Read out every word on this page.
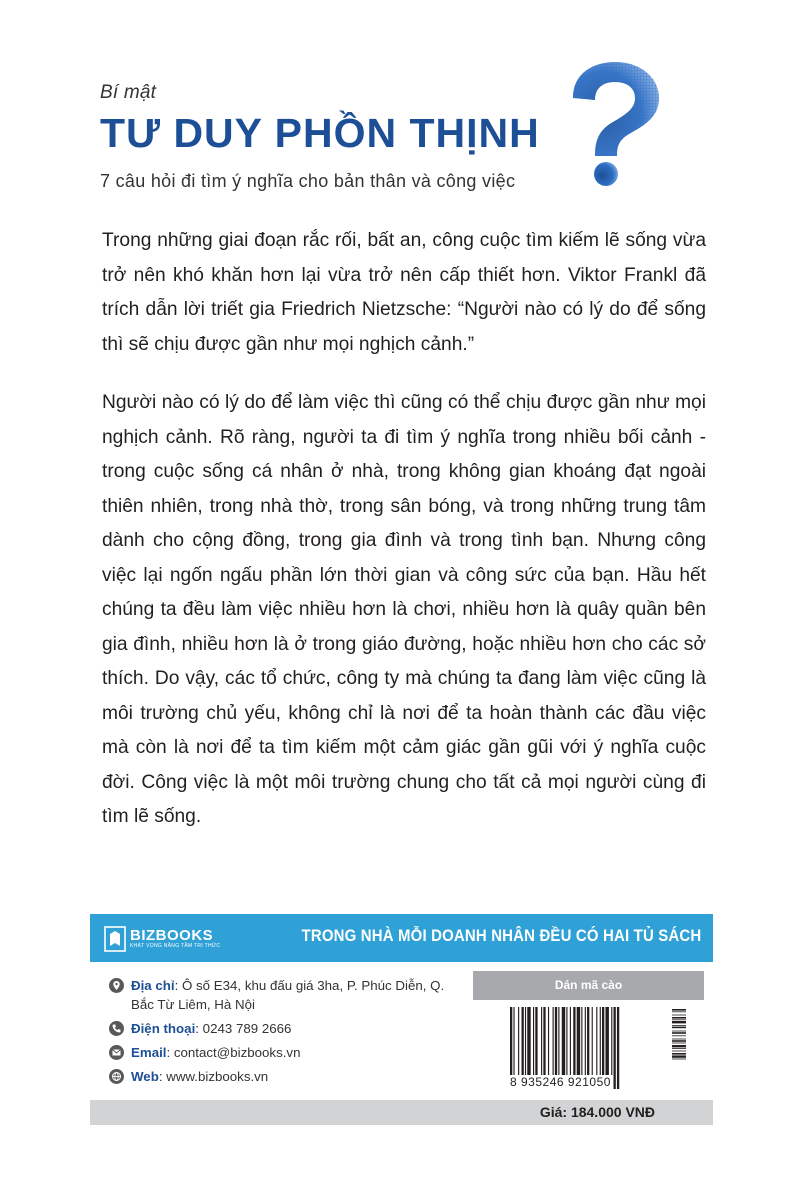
Bí mật
TƯ DUY PHỒN THỊNH
7 câu hỏi đi tìm ý nghĩa cho bản thân và công việc

Trong những giai đoạn rắc rối, bất an, công cuộc tìm kiếm lẽ sống vừa trở nên khó khăn hơn lại vừa trở nên cấp thiết hơn. Viktor Frankl đã trích dẫn lời triết gia Friedrich Nietzsche: “Người nào có lý do để sống thì sẽ chịu được gần như mọi nghịch cảnh.”

Người nào có lý do để làm việc thì cũng có thể chịu được gần như mọi nghịch cảnh. Rõ ràng, người ta đi tìm ý nghĩa trong nhiều bối cảnh - trong cuộc sống cá nhân ở nhà, trong không gian khoáng đạt ngoài thiên nhiên, trong nhà thờ, trong sân bóng, và trong những trung tâm dành cho cộng đồng, trong gia đình và trong tình bạn. Nhưng công việc lại ngốn ngấu phần lớn thời gian và công sức của bạn. Hầu hết chúng ta đều làm việc nhiều hơn là chơi, nhiều hơn là quây quần bên gia đình, nhiều hơn là ở trong giáo đường, hoặc nhiều hơn cho các sở thích. Do vậy, các tổ chức, công ty mà chúng ta đang làm việc cũng là môi trường chủ yếu, không chỉ là nơi để ta hoàn thành các đầu việc mà còn là nơi để ta tìm kiếm một cảm giác gần gũi với ý nghĩa cuộc đời. Công việc là một môi trường chung cho tất cả mọi người cùng đi tìm lẽ sống.

BIZBOOKS
KHÁT VỌNG NÂNG TẦM TRI THỨC
TRONG NHÀ MỖI DOANH NHÂN ĐỀU CÓ HAI TỦ SÁCH
Địa chỉ: Ô số E34, khu đấu giá 3ha, P. Phúc Diễn, Q. Bắc Từ Liêm, Hà Nội
Điện thoại: 0243 789 2666
Email: contact@bizbooks.vn
Web: www.bizbooks.vn
Dán mã cào
8 935246 921050
Giá: 184.000 VNĐ
